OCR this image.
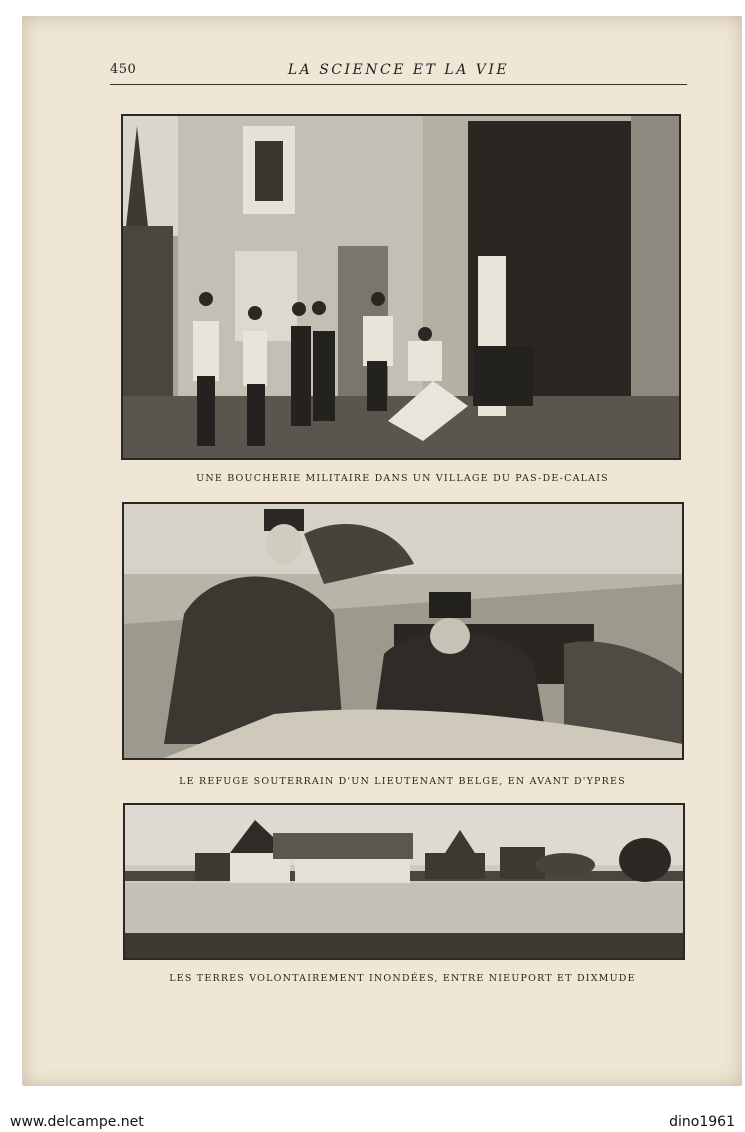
450	LA SCIENCE ET LA VIE
UNE BOUCHERIE MILITAIRE DANS UN VILLAGE DU PAS-DE-CALAIS
LE REFUGE SOUTERRAIN D'UN LIEUTENANT BELGE, EN AVANT D'YPRES
LES TERRES VOLONTAIREMENT INONDÉES, ENTRE NIEUPORT ET DIXMUDE
www.delcampe.net	dino1961
